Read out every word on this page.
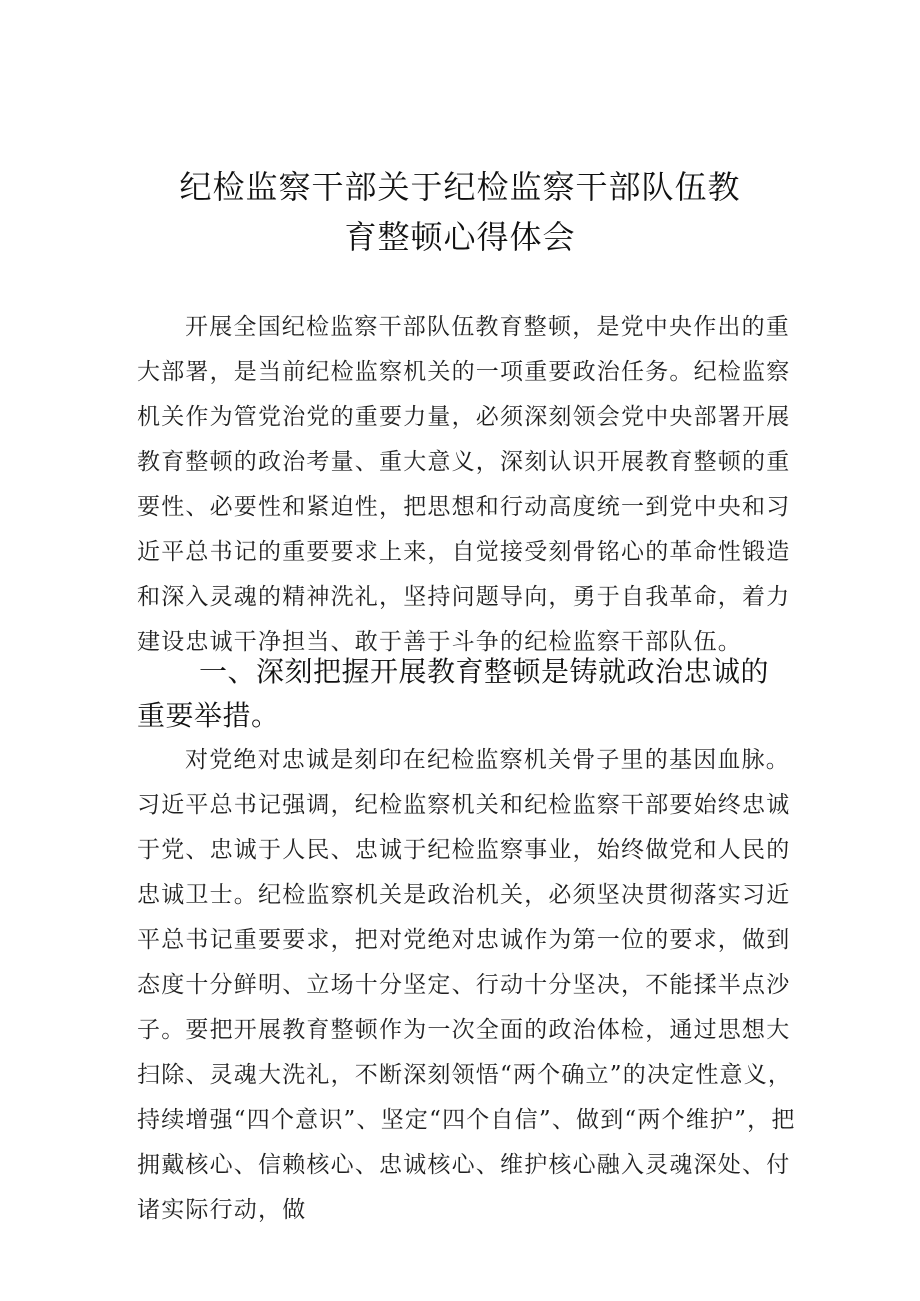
纪检监察干部关于纪检监察干部队伍教
育整顿心得体会

开展全国纪检监察干部队伍教育整顿，是党中央作出的重大部署，是当前纪检监察机关的一项重要政治任务。纪检监察机关作为管党治党的重要力量，必须深刻领会党中央部署开展教育整顿的政治考量、重大意义，深刻认识开展教育整顿的重要性、必要性和紧迫性，把思想和行动高度统一到党中央和习近平总书记的重要要求上来，自觉接受刻骨铭心的革命性锻造和深入灵魂的精神洗礼，坚持问题导向，勇于自我革命，着力建设忠诚干净担当、敢于善于斗争的纪检监察干部队伍。

一、深刻把握开展教育整顿是铸就政治忠诚的重要举措。

对党绝对忠诚是刻印在纪检监察机关骨子里的基因血脉。习近平总书记强调，纪检监察机关和纪检监察干部要始终忠诚于党、忠诚于人民、忠诚于纪检监察事业，始终做党和人民的忠诚卫士。纪检监察机关是政治机关，必须坚决贯彻落实习近平总书记重要要求，把对党绝对忠诚作为第一位的要求，做到态度十分鲜明、立场十分坚定、行动十分坚决，不能揉半点沙子。要把开展教育整顿作为一次全面的政治体检，通过思想大扫除、灵魂大洗礼，不断深刻领悟“两个确立”的决定性意义，持续增强“四个意识”、坚定“四个自信”、做到“两个维护”，把拥戴核心、信赖核心、忠诚核心、维护核心融入灵魂深处、付诸实际行动，做
